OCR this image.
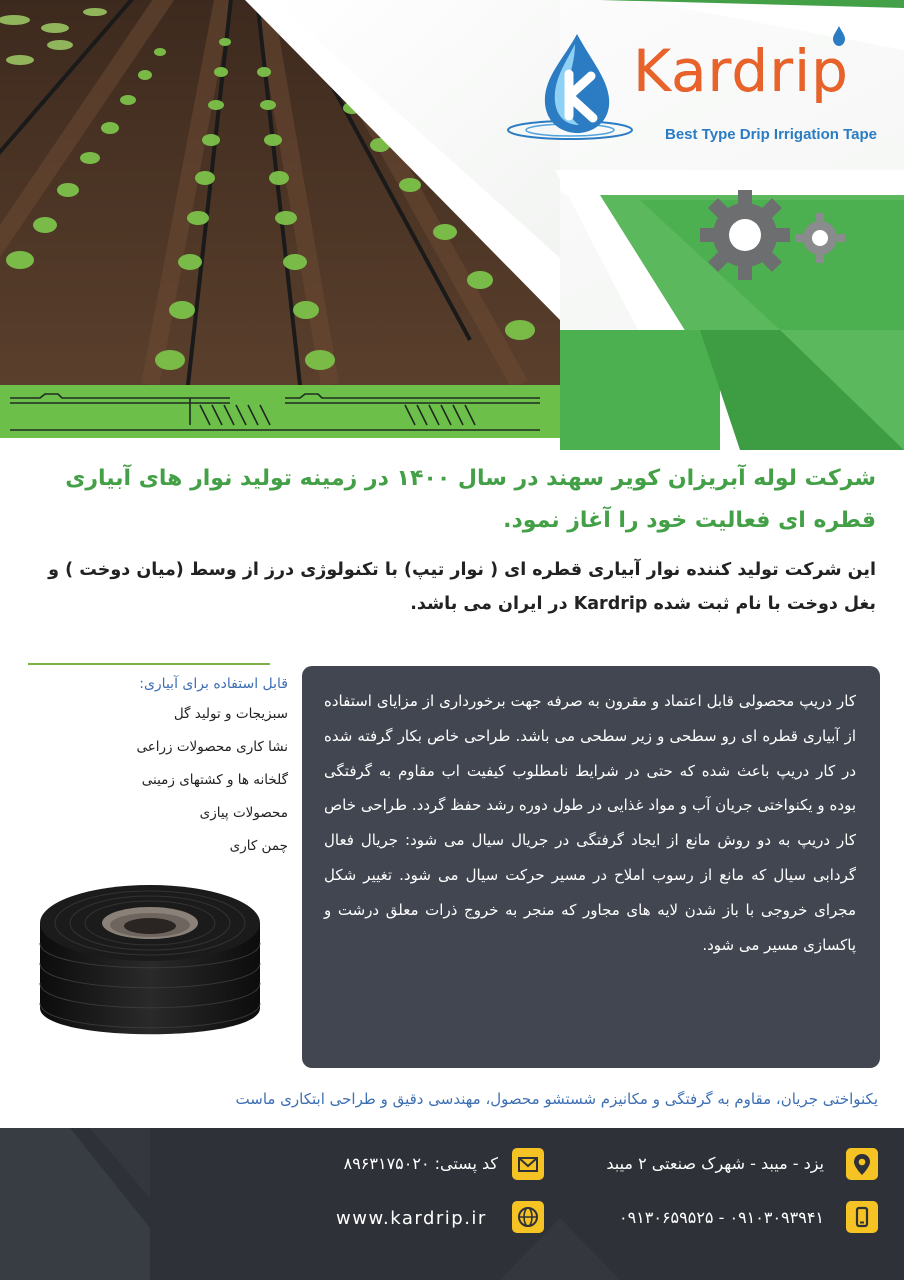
Kardrip
Best Type Drip Irrigation Tape
شرکت لوله آبریزان کویر سهند در سال ۱۴۰۰ در زمینه تولید نوار های آبیاری قطره ای فعالیت خود را آغاز نمود.
این شرکت تولید کننده نوار آبیاری قطره ای ( نوار تیپ) با تکنولوژی درز از وسط (میان دوخت ) و بغل دوخت با نام ثبت شده Kardrip در ایران می باشد.
قابل استفاده برای آبیاری:
سبزیجات و تولید گل
نشا کاری محصولات زراعی
گلخانه ها و کشتهای زمینی
محصولات پیازی
چمن کاری
کار دریپ محصولی قابل اعتماد و مقرون به صرفه جهت برخورداری از مزایای استفاده از آبیاری قطره ای رو سطحی و زیر سطحی می باشد. طراحی خاص بکار گرفته شده در کار دریپ باعث شده که حتی در شرایط نامطلوب کیفیت اب مقاوم به گرفتگی بوده و یکنواختی جریان آب و مواد غذایی در طول دوره رشد حفظ گردد. طراحی خاص کار دریپ به دو روش مانع از ایجاد گرفتگی در جریال سیال می شود: جریال فعال گردابی سیال که مانع از رسوب املاح در مسیر حرکت سیال می شود. تغییر شکل مجرای خروجی با باز شدن لایه های مجاور که منجر به خروج ذرات معلق درشت و پاکسازی مسیر می شود.
یکنواختی جریان، مقاوم به گرفتگی و مکانیزم شستشو محصول، مهندسی دقیق و طراحی ابتکاری ماست
یزد - میبد - شهرک صنعتی ۲ میبد
کد پستی: ۸۹۶۳۱۷۵۰۲۰
۰۹۱۰۳۰۹۳۹۴۱ - ۰۹۱۳۰۶۵۹۵۲۵
www.kardrip.ir
